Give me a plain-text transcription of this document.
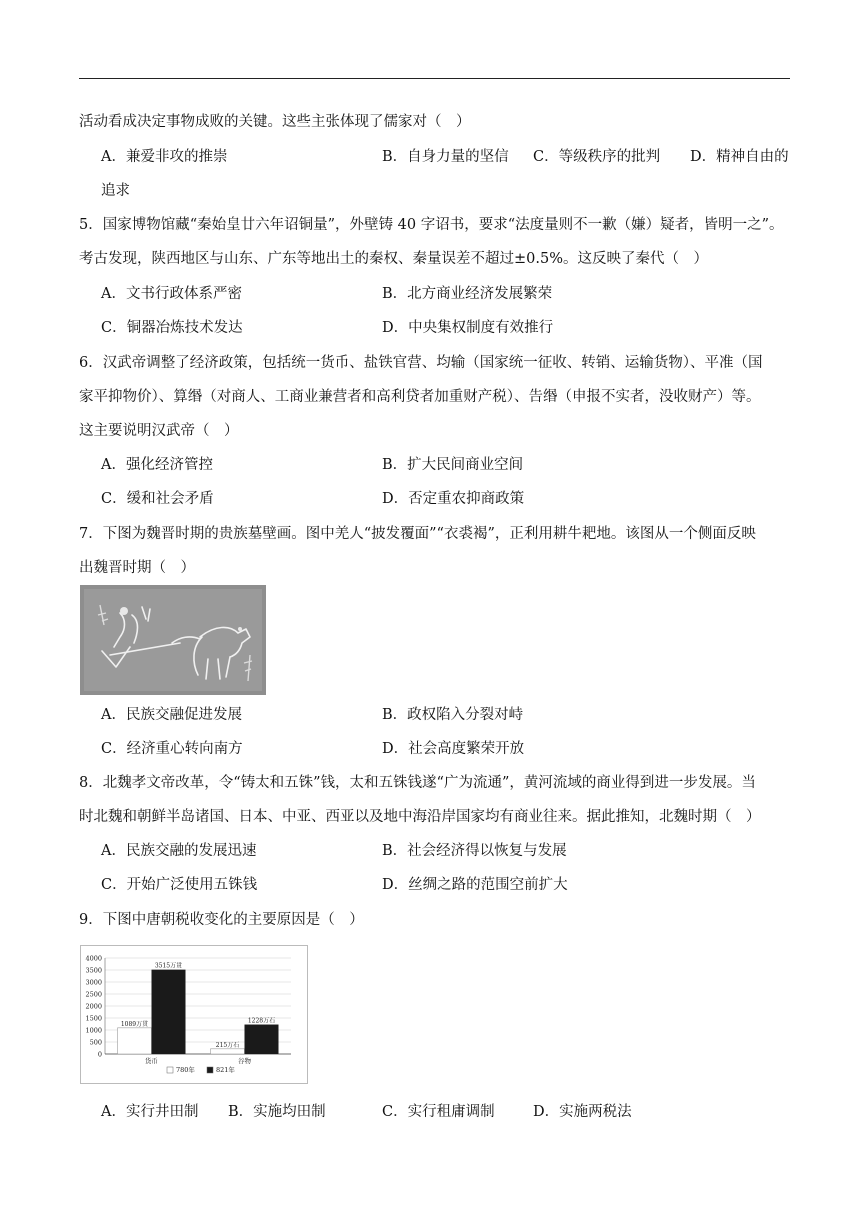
活动看成决定事物成败的关键。这些主张体现了儒家对（　）
A．兼爱非攻的推崇	B．自身力量的坚信 C．等级秩序的批判 D．精神自由的
追求
5．国家博物馆藏“秦始皇廿六年诏铜量”，外壁铸 40 字诏书，要求“法度量则不一歉（嫌）疑者，皆明一之”。
考古发现，陕西地区与山东、广东等地出土的秦权、秦量误差不超过±0.5%。这反映了秦代（　）
A．文书行政体系严密	B．北方商业经济发展繁荣
C．铜器冶炼技术发达	D．中央集权制度有效推行
6．汉武帝调整了经济政策，包括统一货币、盐铁官营、均输（国家统一征收、转销、运输货物）、平准（国
家平抑物价）、算缗（对商人、工商业兼营者和高利贷者加重财产税）、告缗（申报不实者，没收财产）等。
这主要说明汉武帝（　）
A．强化经济管控	B．扩大民间商业空间
C．缓和社会矛盾	D．否定重农抑商政策
7．下图为魏晋时期的贵族墓壁画。图中羌人“披发覆面”“衣裘褐”，正利用耕牛耙地。该图从一个侧面反映
出魏晋时期（　）
A．民族交融促进发展	B．政权陷入分裂对峙
C．经济重心转向南方	D．社会高度繁荣开放
8．北魏孝文帝改革，令“铸太和五铢”钱，太和五铢钱遂“广为流通”，黄河流域的商业得到进一步发展。当
时北魏和朝鲜半岛诸国、日本、中亚、西亚以及地中海沿岸国家均有商业往来。据此推知，北魏时期（　）
A．民族交融的发展迅速	B．社会经济得以恢复与发展
C．开始广泛使用五铢钱	D．丝绸之路的范围空前扩大
9．下图中唐朝税收变化的主要原因是（　）
0
500
1000
1500
2000
2500
3000
3500
4000
1089万贯
3515万贯
货币
215万石
1228万石
谷物
780年	821年
A．实行井田制 B．实施均田制	C．实行租庸调制	D．实施两税法
